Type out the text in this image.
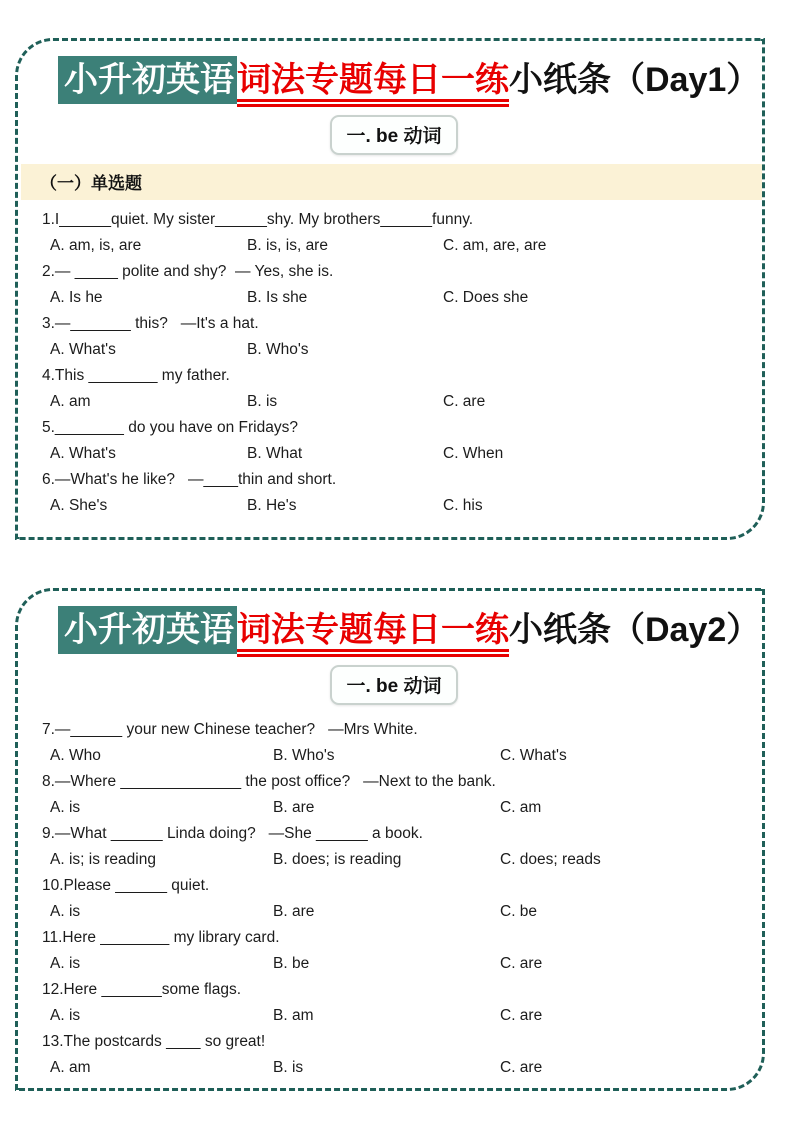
小升初英语词法专题每日一练小纸条（Day1）
一. be 动词
（一）单选题
1.I______quiet. My sister______shy. My brothers______funny.
A. am, is, are	B. is, is, are	C. am, are, are
2.— _____ polite and shy?  — Yes, she is.
A. Is he	B. Is she	C. Does she
3.—_______ this?   —It's a hat.
A. What's	B. Who's
4.This ________ my father.
A. am	B. is	C. are
5.________ do you have on Fridays?
A. What's	B. What	C. When
6.—What's he like?   —____thin and short.
A. She's	B. He's	C. his
小升初英语词法专题每日一练小纸条（Day2）
一. be 动词
7.—______ your new Chinese teacher?   —Mrs White.
A. Who	B. Who's	C. What's
8.—Where ______________ the post office?   —Next to the bank.
A. is	B. are	C. am
9.—What ______ Linda doing?   —She ______ a book.
A. is; is reading	B. does; is reading	C. does; reads
10.Please ______ quiet.
A. is	B. are	C. be
11.Here ________ my library card.
A. is	B. be	C. are
12.Here _______some flags.
A. is	B. am	C. are
13.The postcards ____ so great!
A. am	B. is	C. are
